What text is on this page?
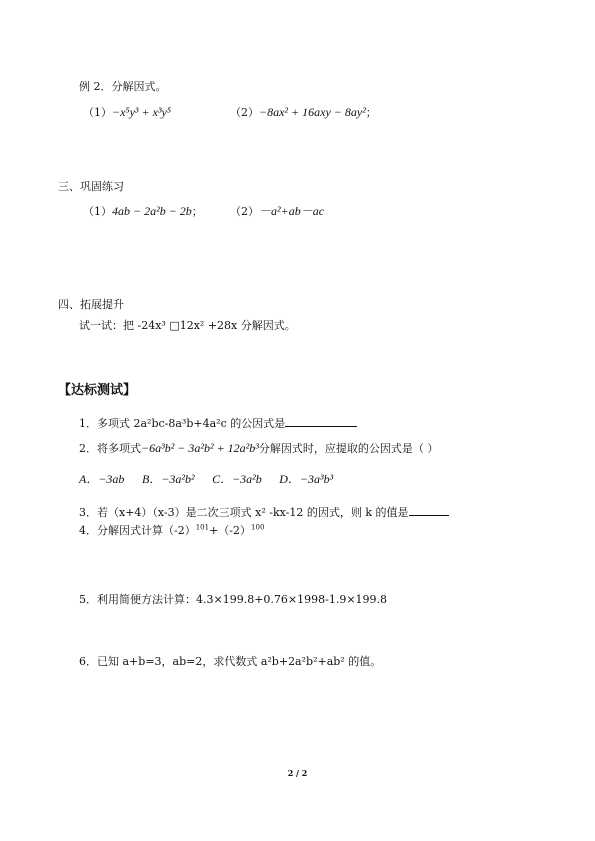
例 2．分解因式。
（1）−x⁵y³ + x³y⁵	（2）−8ax² + 16axy − 8ay²；
三、巩固练习
（1）4ab − 2a²b − 2b； （2）－a²+ab－ac
四、拓展提升
试一试：把 -24x³ □12x² +28x 分解因式。
【达标测试】
1．多项式 2a²bc-8a³b+4a²c 的公因式是
2．将多项式−6a³b² − 3a²b² + 12a²b³分解因式时，应提取的公因式是（ ）
A．−3ab B．−3a²b² C．−3a²b D．−3a³b³
3．若（x+4）（x-3）是二次三项式 x² -kx-12 的因式，则 k 的值是
4．分解因式计算$(-2)^{101}+(-2)^{100}$
5．利用简便方法计算：4.3×199.8+0.76×1998-1.9×199.8
6．已知 a+b=3，ab=2，求代数式 a²b+2a²b²+ab² 的值。
2 / 2
